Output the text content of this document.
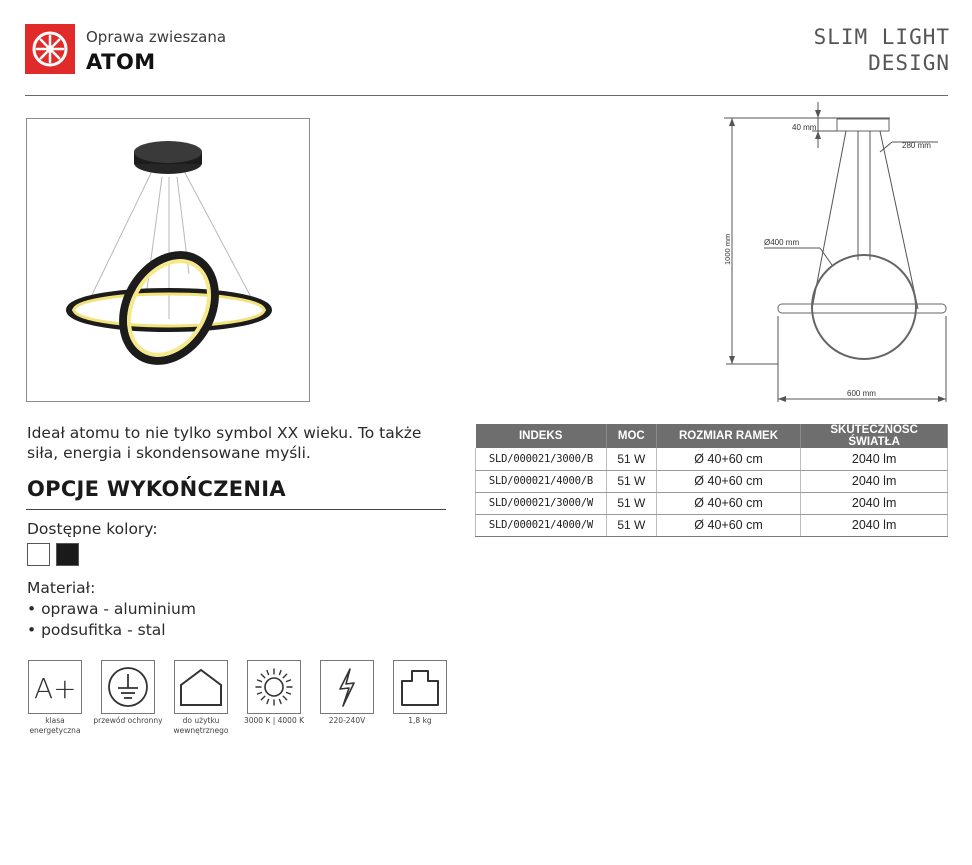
Oprawa zwieszana
ATOM
SLIM LIGHT
DESIGN
1000 mm
40 mm
280 mm
Ø400 mm
600 mm
Ideał atomu to nie tylko symbol XX wieku. To także siła, energia i skondensowane myśli.
OPCJE WYKOŃCZENIA
Dostępne kolory:
Materiał:
• oprawa - aluminium
• podsufitka - stal
INDEKS	MOC	ROZMIAR RAMEK	SKUTECZNOŚĆ ŚWIATŁA
SLD/000021/3000/B	51 W	Ø 40+60 cm	2040 lm
SLD/000021/4000/B	51 W	Ø 40+60 cm	2040 lm
SLD/000021/3000/W	51 W	Ø 40+60 cm	2040 lm
SLD/000021/4000/W	51 W	Ø 40+60 cm	2040 lm
A+
klasa energetyczna
przewód ochronny	do użytku wewnętrznego
3000 K | 4000 K	220-240V	1,8 kg
